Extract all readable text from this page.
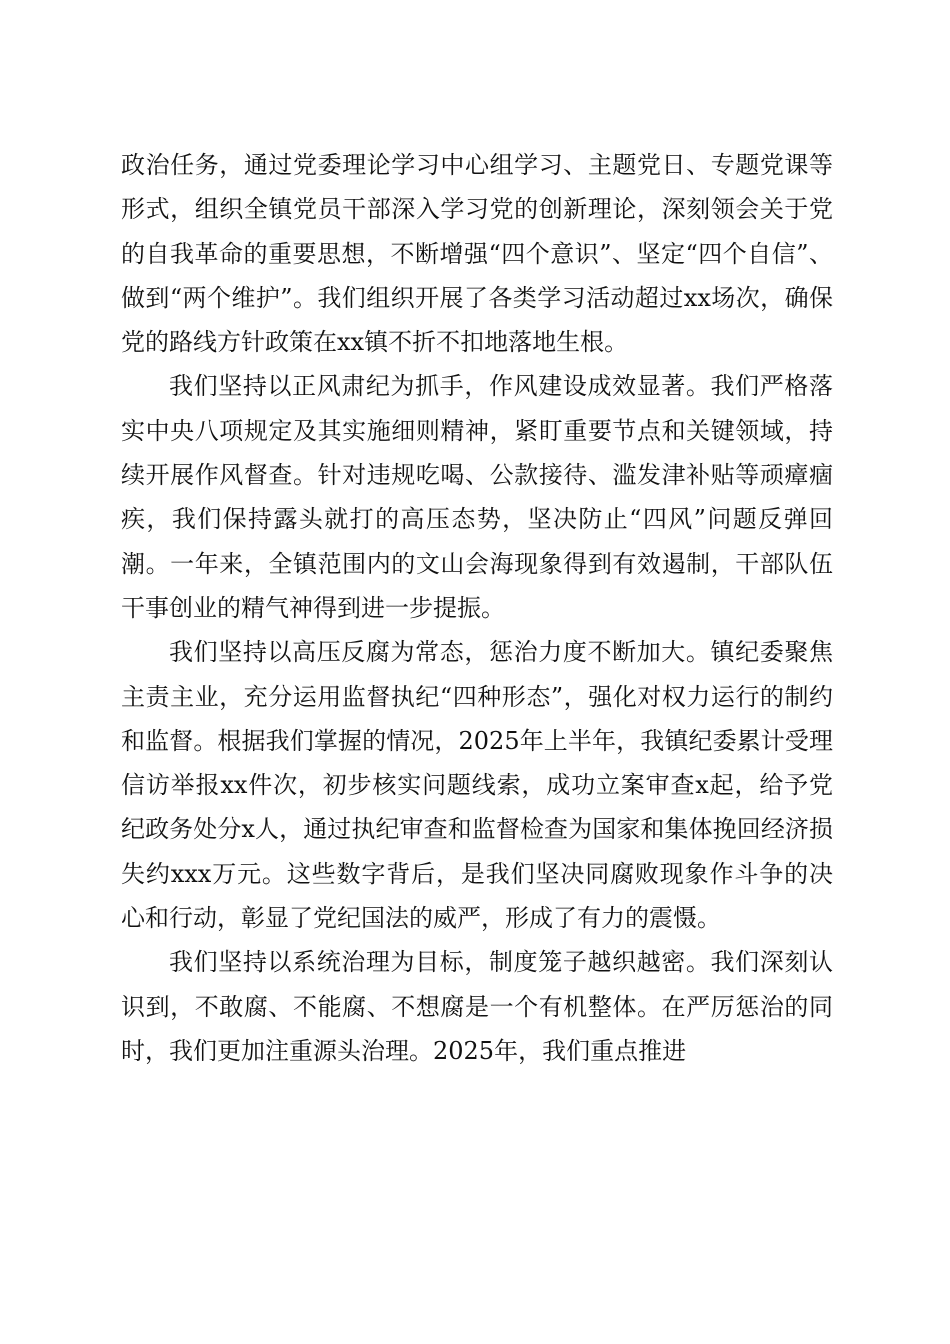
政治任务，通过党委理论学习中心组学习、主题党日、专题党课等形式，组织全镇党员干部深入学习党的创新理论，深刻领会关于党的自我革命的重要思想，不断增强“四个意识”、坚定“四个自信”、做到“两个维护”。我们组织开展了各类学习活动超过xx场次，确保党的路线方针政策在xx镇不折不扣地落地生根。

我们坚持以正风肃纪为抓手，作风建设成效显著。我们严格落实中央八项规定及其实施细则精神，紧盯重要节点和关键领域，持续开展作风督查。针对违规吃喝、公款接待、滥发津补贴等顽瘴痼疾，我们保持露头就打的高压态势，坚决防止“四风”问题反弹回潮。一年来，全镇范围内的文山会海现象得到有效遏制，干部队伍干事创业的精气神得到进一步提振。

我们坚持以高压反腐为常态，惩治力度不断加大。镇纪委聚焦主责主业，充分运用监督执纪“四种形态”，强化对权力运行的制约和监督。根据我们掌握的情况，2025年上半年，我镇纪委累计受理信访举报xx件次，初步核实问题线索，成功立案审查x起，给予党纪政务处分x人，通过执纪审查和监督检查为国家和集体挽回经济损失约xxx万元。这些数字背后，是我们坚决同腐败现象作斗争的决心和行动，彰显了党纪国法的威严，形成了有力的震慑。

我们坚持以系统治理为目标，制度笼子越织越密。我们深刻认识到，不敢腐、不能腐、不想腐是一个有机整体。在严厉惩治的同时，我们更加注重源头治理。2025年，我们重点推进
